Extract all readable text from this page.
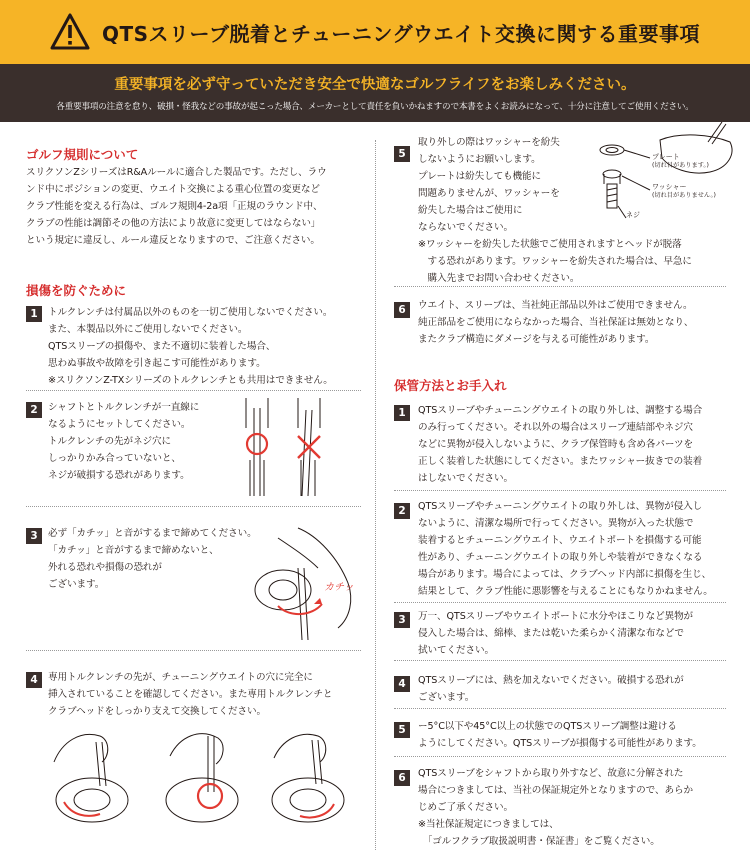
QTSスリーブ脱着とチューニングウエイト交換に関する重要事項
重要事項を必ず守っていただき安全で快適なゴルフライフをお楽しみください。
各重要事項の注意を怠り、破損・怪我などの事故が起こった場合、メーカーとして責任を負いかねますので本書をよくお読みになって、十分に注意してご使用ください。
ゴルフ規則について
スリクソンZシリーズはR&Aルールに適合した製品です。ただし、ラウ
ンド中にポジションの変更、ウエイト交換による重心位置の変更など
クラブ性能を変える行為は、ゴルフ規則4-2a項「正規のラウンド中、
クラブの性能は調節その他の方法により故意に変更してはならない」
という規定に違反し、ルール違反となりますので、ご注意ください。
損傷を防ぐために
1	トルクレンチは付属品以外のものを一切ご使用しないでください。
また、本製品以外にご使用しないでください。
QTSスリーブの損傷や、また不適切に装着した場合、
思わぬ事故や故障を引き起こす可能性があります。
※スリクソンZ-TXシリーズのトルクレンチとも共用はできません。
2	シャフトとトルクレンチが一直線に
なるようにセットしてください。
トルクレンチの先がネジ穴に
しっかりかみ合っていないと、
ネジが破損する恐れがあります。
3	必ず「カチッ」と音がするまで締めてください。
「カチッ」と音がするまで締めないと、
外れる恐れや損傷の恐れが
ございます。	カチッ
4	専用トルクレンチの先が、チューニングウエイトの穴に完全に
挿入されていることを確認してください。また専用トルクレンチと
クラブヘッドをしっかり支えて交換してください。
5
取り外しの際はワッシャーを紛失
しないようにお願いします。
プレートは紛失しても機能に
問題ありませんが、ワッシャーを
紛失した場合はご使用に
ならないでください。
※ワッシャーを紛失した状態でご使用されますとヘッドが脱落
　する恐れがあります。ワッシャーを紛失された場合は、早急に
　購入先までお問い合わせください。
プレート
(切れ目があります。)
ワッシャー
(切れ目がありません。)
ネジ
6	ウエイト、スリーブは、当社純正部品以外はご使用できません。
純正部品をご使用にならなかった場合、当社保証は無効となり、
またクラブ構造にダメージを与える可能性があります。
保管方法とお手入れ
1	QTSスリーブやチューニングウエイトの取り外しは、調整する場合
のみ行ってください。それ以外の場合はスリーブ連結部やネジ穴
などに異物が侵入しないように、クラブ保管時も含め各パーツを
正しく装着した状態にしてください。またワッシャー抜きでの装着
はしないでください。
2	QTSスリーブやチューニングウエイトの取り外しは、異物が侵入し
ないように、清潔な場所で行ってください。異物が入った状態で
装着するとチューニングウエイト、ウエイトポートを損傷する可能
性があり、チューニングウエイトの取り外しや装着ができなくなる
場合があります。場合によっては、クラブヘッド内部に損傷を生じ、
結果として、クラブ性能に悪影響を与えることにもなりかねません。
3	万一、QTSスリーブやウエイトポートに水分やほこりなど異物が
侵入した場合は、綿棒、または乾いた柔らかく清潔な布などで
拭いてください。
4	QTSスリーブには、熱を加えないでください。破損する恐れが
ございます。
5	ー5°C以下や45°C以上の状態でのQTSスリーブ調整は避ける
ようにしてください。QTSスリーブが損傷する可能性があります。
6	QTSスリーブをシャフトから取り外すなど、故意に分解された
場合につきましては、当社の保証規定外となりますので、あらか
じめご了承ください。
※当社保証規定につきましては、
　「ゴルフクラブ取扱説明書・保証書」をご覧ください。
